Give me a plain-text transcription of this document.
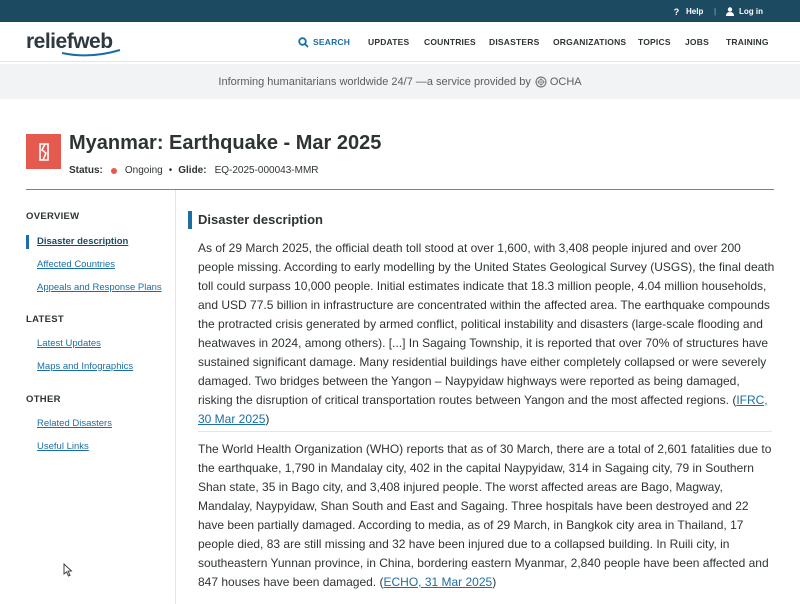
? Help |	Log in
reliefweb	SEARCH UPDATES COUNTRIES DISASTERS ORGANIZATIONS TOPICS JOBS TRAINING
Informing humanitarians worldwide 24/7 —a service provided by OCHA
Myanmar: Earthquake - Mar 2025
Status: Ongoing • Glide: EQ-2025-000043-MMR
OVERVIEW
Disaster description
Affected Countries
Appeals and Response Plans
LATEST
Latest Updates
Maps and Infographics
OTHER
Related Disasters
Useful Links
Disaster description

As of 29 March 2025, the official death toll stood at over 1,600, with 3,408 people injured and over 200 people missing. According to early modelling by the United States Geological Survey (USGS), the final death toll could surpass 10,000 people. Initial estimates indicate that 18.3 million people, 4.04 million households, and USD 77.5 billion in infrastructure are concentrated within the affected area. The earthquake compounds the protracted crisis generated by armed conflict, political instability and disasters (large-scale flooding and heatwaves in 2024, among others). [...] In Sagaing Township, it is reported that over 70% of structures have sustained significant damage. Many residential buildings have either completely collapsed or were severely damaged. Two bridges between the Yangon – Naypyidaw highways were reported as being damaged, risking the disruption of critical transportation routes between Yangon and the most affected regions. (IFRC, 30 Mar 2025)

The World Health Organization (WHO) reports that as of 30 March, there are a total of 2,601 fatalities due to the earthquake, 1,790 in Mandalay city, 402 in the capital Naypyidaw, 314 in Sagaing city, 79 in Southern Shan state, 35 in Bago city, and 3,408 injured people. The worst affected areas are Bago, Magway, Mandalay, Naypyidaw, Shan South and East and Sagaing. Three hospitals have been destroyed and 22 have been partially damaged. According to media, as of 29 March, in Bangkok city area in Thailand, 17 people died, 83 are still missing and 32 have been injured due to a collapsed building. In Ruili city, in southeastern Yunnan province, in China, bordering eastern Myanmar, 2,840 people have been affected and 847 houses have been damaged. (ECHO, 31 Mar 2025)
